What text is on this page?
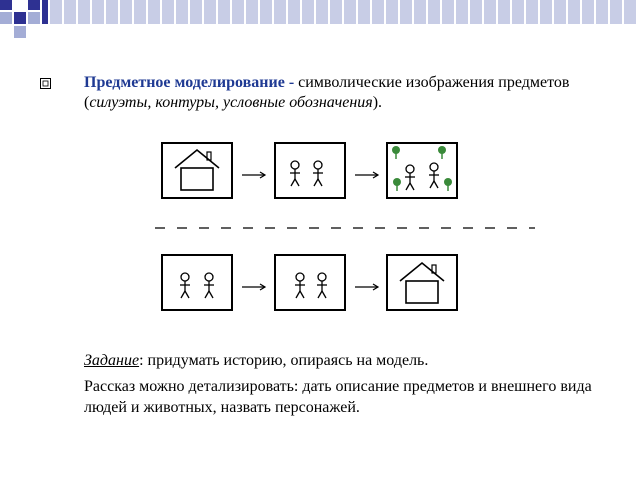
Предметное моделирование - символические изображения предметов (силуэты, контуры, условные обозначения).

Задание: придумать историю, опираясь на модель.

Рассказ можно детализировать: дать описание предметов и внешнего вида людей и животных, назвать персонажей.
